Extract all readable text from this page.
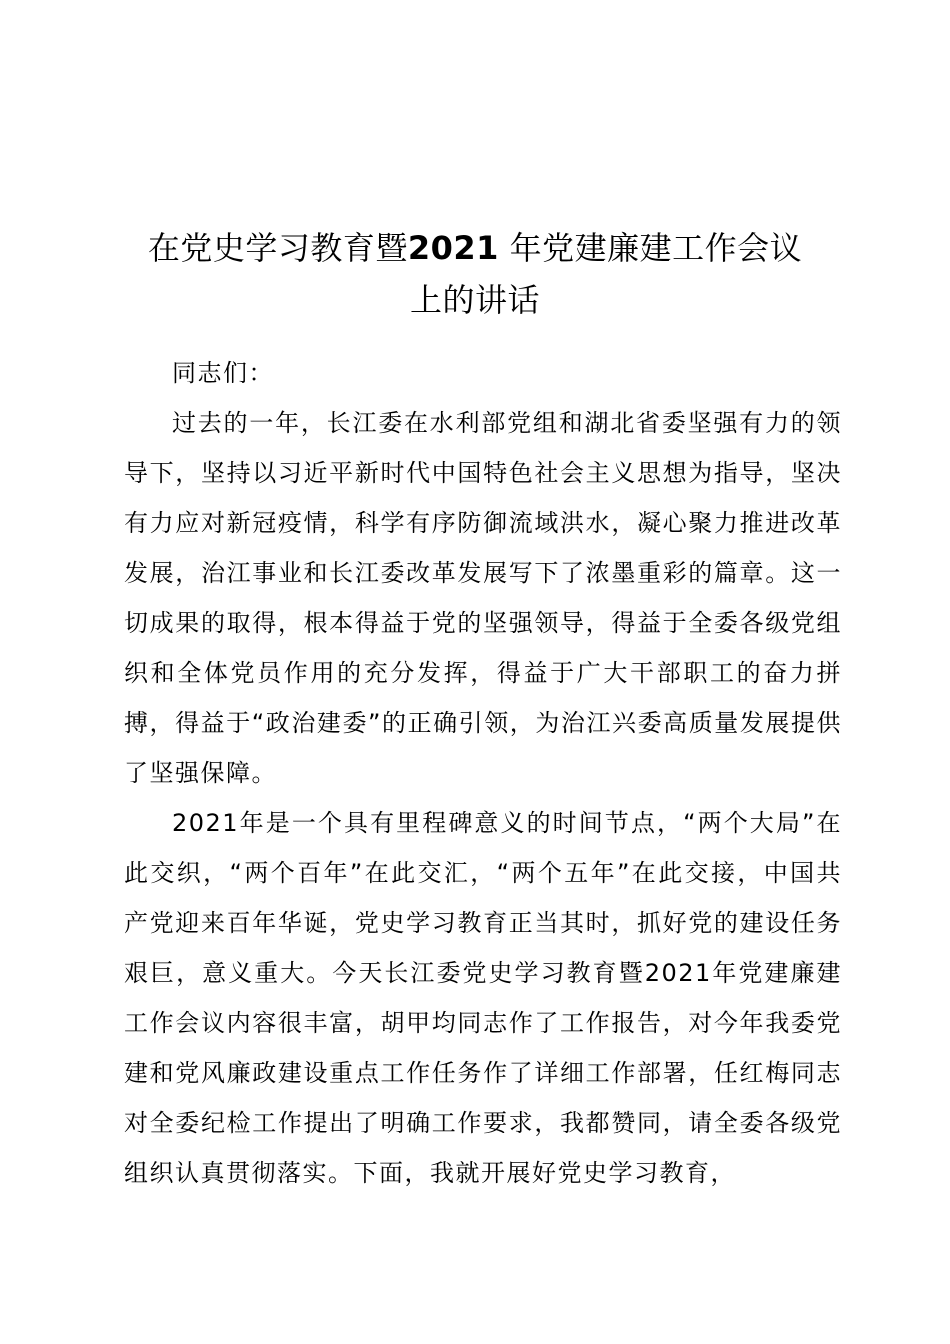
在党史学习教育暨2021 年党建廉建工作会议
上的讲话

同志们：

过去的一年，长江委在水利部党组和湖北省委坚强有力的领导下，坚持以习近平新时代中国特色社会主义思想为指导，坚决有力应对新冠疫情，科学有序防御流域洪水，凝心聚力推进改革发展，治江事业和长江委改革发展写下了浓墨重彩的篇章。这一切成果的取得，根本得益于党的坚强领导，得益于全委各级党组织和全体党员作用的充分发挥，得益于广大干部职工的奋力拼搏，得益于“政治建委”的正确引领，为治江兴委高质量发展提供了坚强保障。

2021年是一个具有里程碑意义的时间节点，“两个大局”在此交织，“两个百年”在此交汇，“两个五年”在此交接，中国共产党迎来百年华诞，党史学习教育正当其时，抓好党的建设任务艰巨，意义重大。今天长江委党史学习教育暨2021年党建廉建工作会议内容很丰富，胡甲均同志作了工作报告，对今年我委党建和党风廉政建设重点工作任务作了详细工作部署，任红梅同志对全委纪检工作提出了明确工作要求，我都赞同，请全委各级党组织认真贯彻落实。下面，我就开展好党史学习教育，
